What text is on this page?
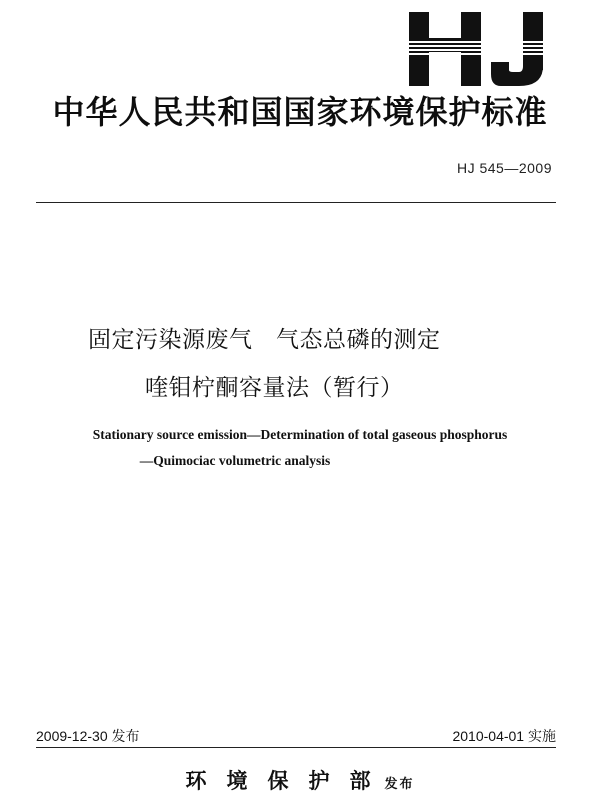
中华人民共和国国家环境保护标准
HJ 545—2009
固定污染源废气　气态总磷的测定
喹钼柠酮容量法（暂行）
Stationary source emission—Determination of total gaseous phosphorus
—Quimociac volumetric analysis
2009-12-30 发布	2010-04-01 实施
环境保护部发布
